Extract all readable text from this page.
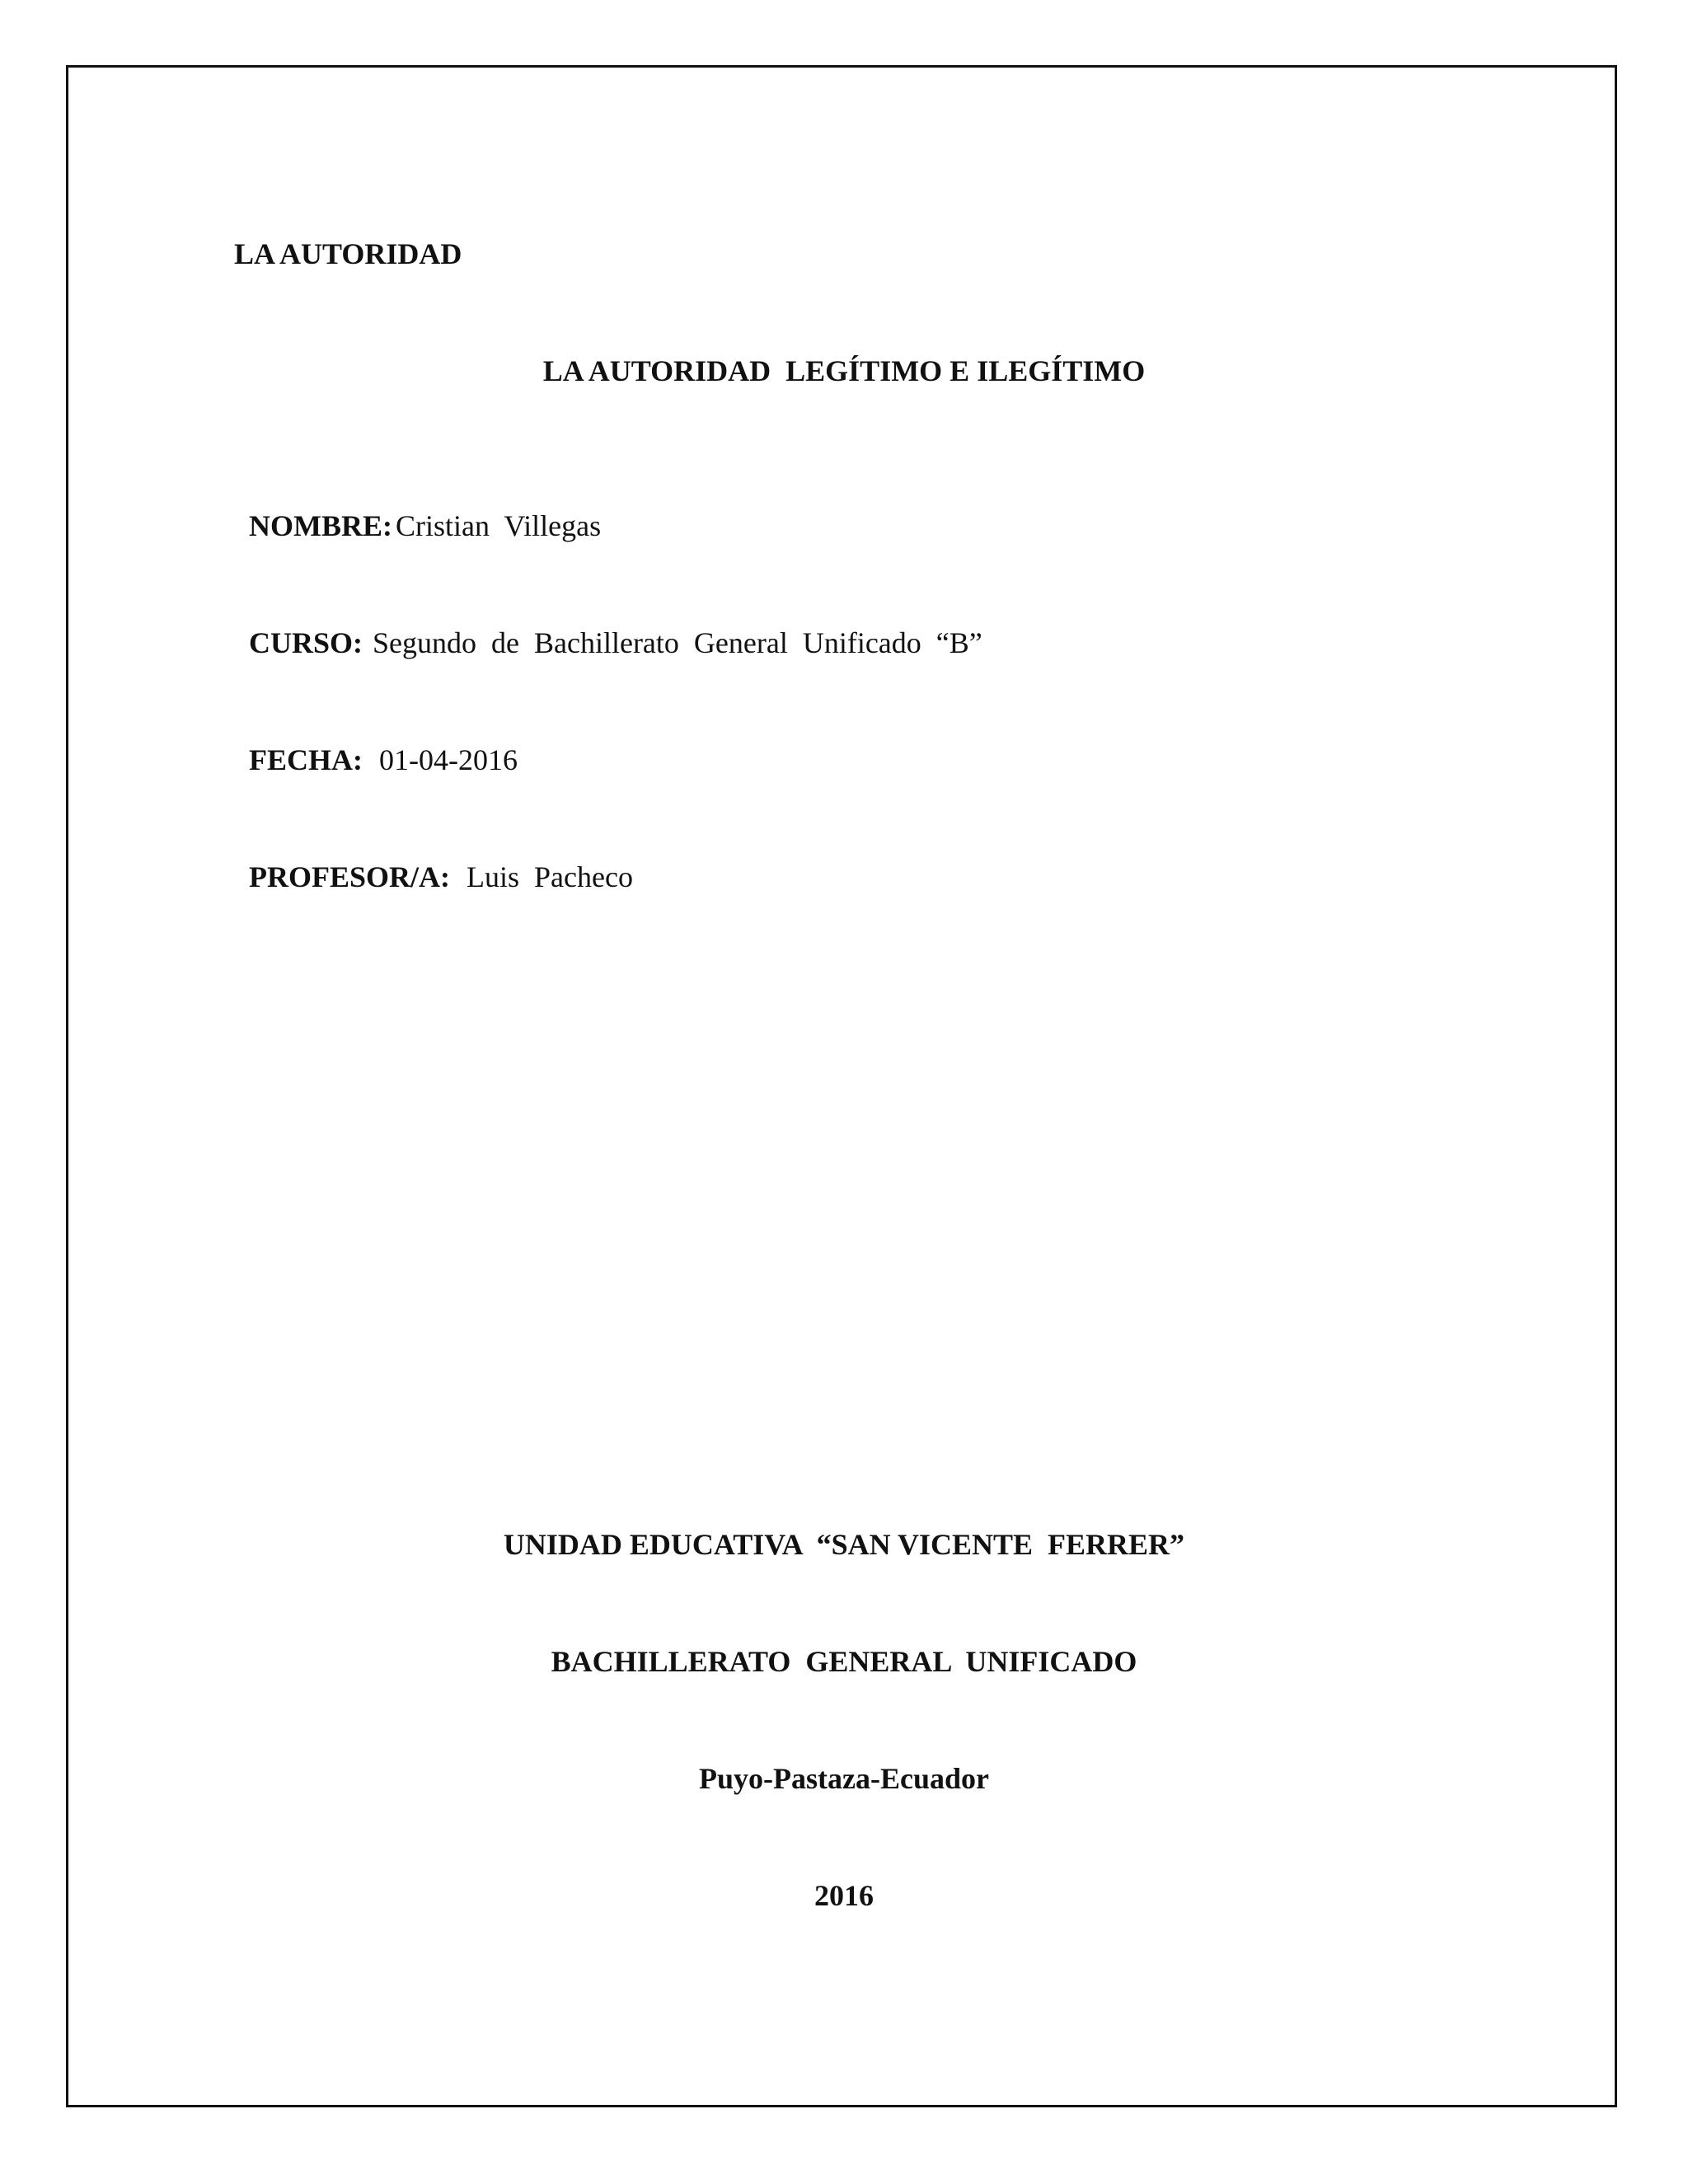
LA AUTORIDAD
LA AUTORIDAD  LEGÍTIMO E ILEGÍTIMO

NOMBRE: Cristian  Villegas

CURSO: Segundo  de  Bachillerato  General  Unificado  “B”

FECHA: 01-04-2016

PROFESOR/A: Luis  Pacheco

UNIDAD EDUCATIVA  “SAN VICENTE  FERRER”
BACHILLERATO  GENERAL  UNIFICADO
Puyo-Pastaza-Ecuador
2016
